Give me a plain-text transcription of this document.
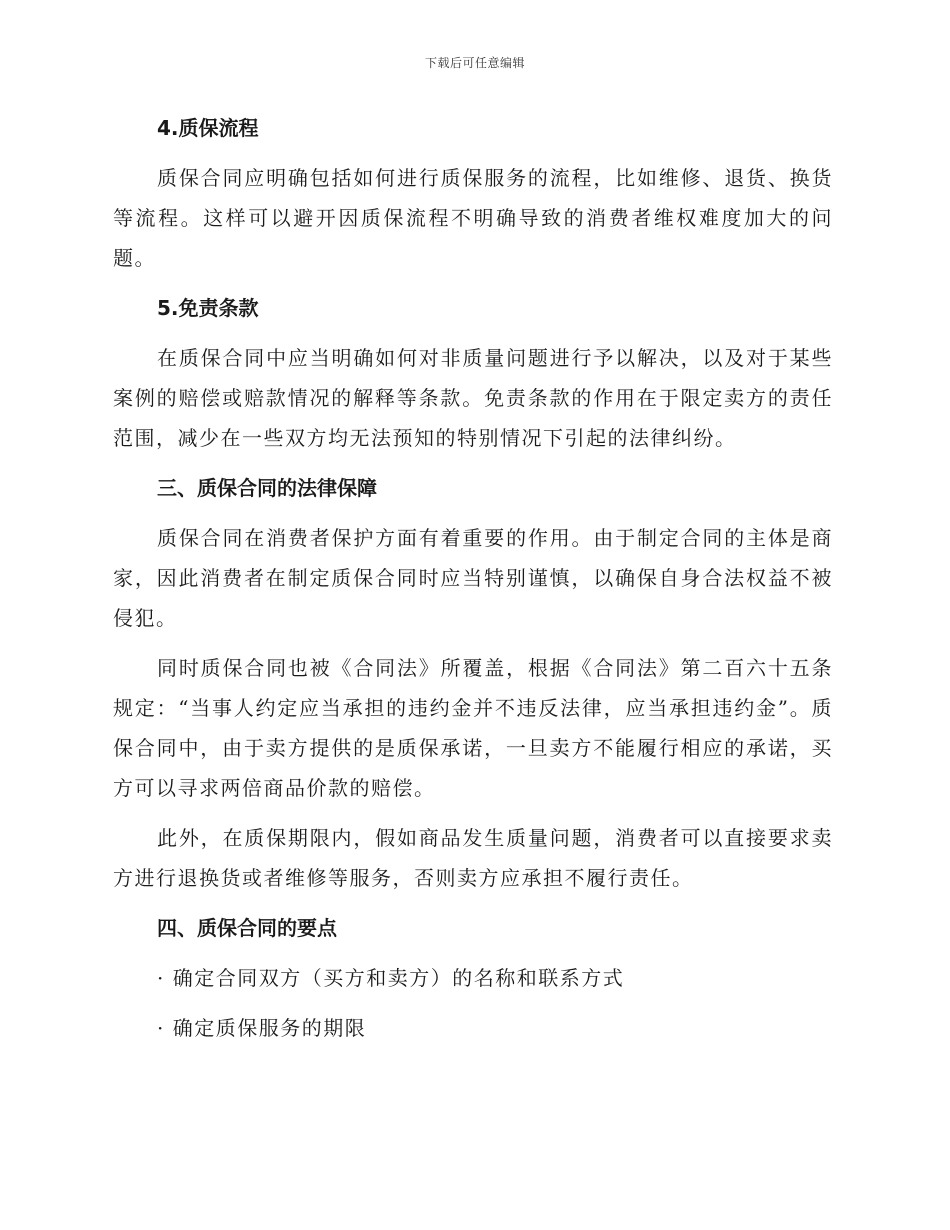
下载后可任意编辑

4.质保流程

质保合同应明确包括如何进行质保服务的流程，比如维修、退货、换货等流程。这样可以避开因质保流程不明确导致的消费者维权难度加大的问题。

5.免责条款

在质保合同中应当明确如何对非质量问题进行予以解决，以及对于某些案例的赔偿或赔款情况的解释等条款。免责条款的作用在于限定卖方的责任范围，减少在一些双方均无法预知的特别情况下引起的法律纠纷。

三、质保合同的法律保障

质保合同在消费者保护方面有着重要的作用。由于制定合同的主体是商家，因此消费者在制定质保合同时应当特别谨慎，以确保自身合法权益不被侵犯。

同时质保合同也被《合同法》所覆盖，根据《合同法》第二百六十五条规定：“当事人约定应当承担的违约金并不违反法律，应当承担违约金”。质保合同中，由于卖方提供的是质保承诺，一旦卖方不能履行相应的承诺，买方可以寻求两倍商品价款的赔偿。

此外，在质保期限内，假如商品发生质量问题，消费者可以直接要求卖方进行退换货或者维修等服务，否则卖方应承担不履行责任。

四、质保合同的要点

· 确定合同双方（买方和卖方）的名称和联系方式

· 确定质保服务的期限
